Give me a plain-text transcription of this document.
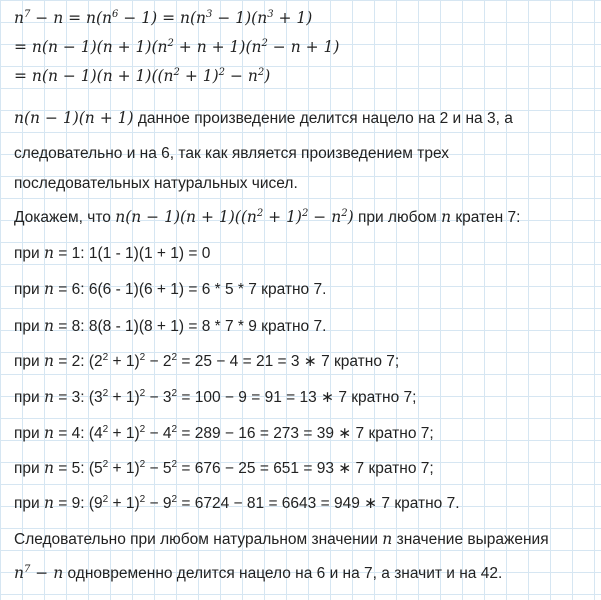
$n^7 - n = n(n^6 - 1) = n(n^3 - 1)(n^3 + 1)$
= $n(n - 1)(n + 1)(n^2 + n + 1)(n^2 - n + 1)$
= $n(n - 1)(n + 1)((n^2 + 1)^2 - n^2)$
n(n − 1)(n + 1) данное произведение делится нацело на 2 и на 3, а
следовательно и на 6, так как является произведением трех
последовательных натуральных чисел.
Докажем, что $n(n - 1)(n + 1)((n^2 + 1)^2 - n^2)$ при любом n кратен 7:
при n = 1: 1(1 - 1)(1 + 1) = 0
при n = 6: 6(6 - 1)(6 + 1) = 6 * 5 * 7 кратно 7.
при n = 8: 8(8 - 1)(8 + 1) = 8 * 7 * 9 кратно 7.
при n = 2: $(2^2 + 1)^2 - 2^2 = 25 - 4 = 21 = 3$ ∗ 7 кратно 7;
при n = 3: $(3^2 + 1)^2 - 3^2 = 100 - 9 = 91 = 13$ ∗ 7 кратно 7;
при n = 4: $(4^2 + 1)^2 - 4^2 = 289 - 16 = 273 = 39$ ∗ 7 кратно 7;
при n = 5: $(5^2 + 1)^2 - 5^2 = 676 - 25 = 651 = 93$ ∗ 7 кратно 7;
при n = 9: $(9^2 + 1)^2 - 9^2 = 6724 - 81 = 6643 = 949$ ∗ 7 кратно 7.
Следовательно при любом натуральном значении n значение выражения
$n^7 - n$ одновременно делится нацело на 6 и на 7, а значит и на 42.
